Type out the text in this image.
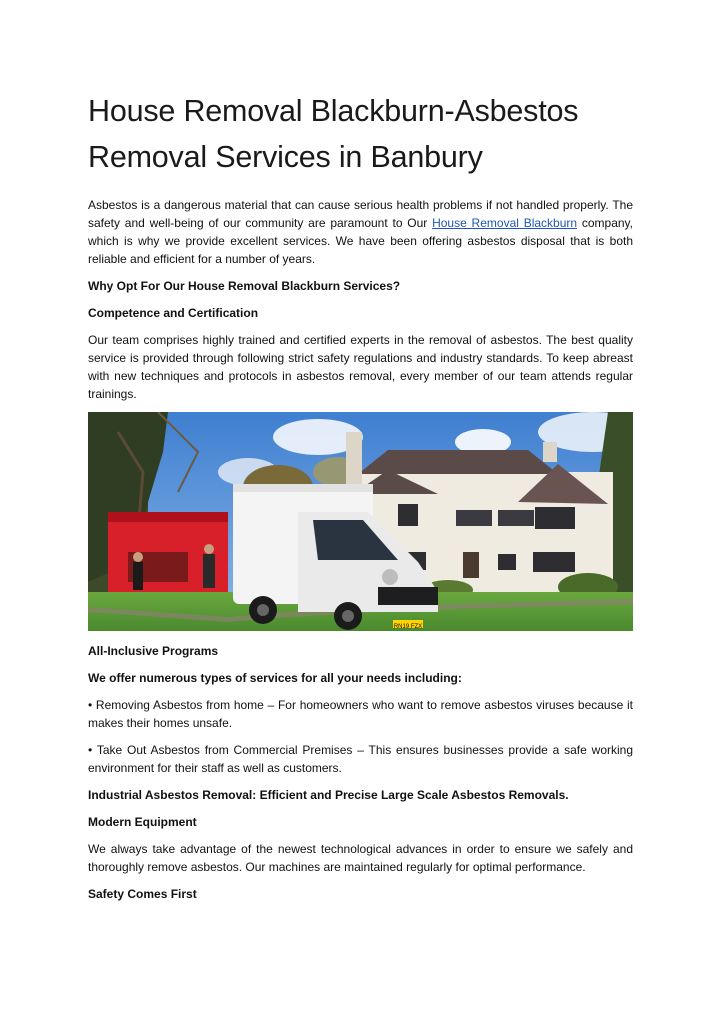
House Removal Blackburn-Asbestos Removal Services in Banbury

Asbestos is a dangerous material that can cause serious health problems if not handled properly. The safety and well-being of our community are paramount to Our House Removal Blackburn company, which is why we provide excellent services. We have been offering asbestos disposal that is both reliable and efficient for a number of years.

Why Opt For Our House Removal Blackburn Services?

Competence and Certification

Our team comprises highly trained and certified experts in the removal of asbestos. The best quality service is provided through following strict safety regulations and industry standards. To keep abreast with new techniques and protocols in asbestos removal, every member of our team attends regular trainings.

RN19 FZX

All-Inclusive Programs

We offer numerous types of services for all your needs including:

• Removing Asbestos from home – For homeowners who want to remove asbestos viruses because it makes their homes unsafe.

• Take Out Asbestos from Commercial Premises – This ensures businesses provide a safe working environment for their staff as well as customers.

Industrial Asbestos Removal: Efficient and Precise Large Scale Asbestos Removals.

Modern Equipment

We always take advantage of the newest technological advances in order to ensure we safely and thoroughly remove asbestos. Our machines are maintained regularly for optimal performance.

Safety Comes First
